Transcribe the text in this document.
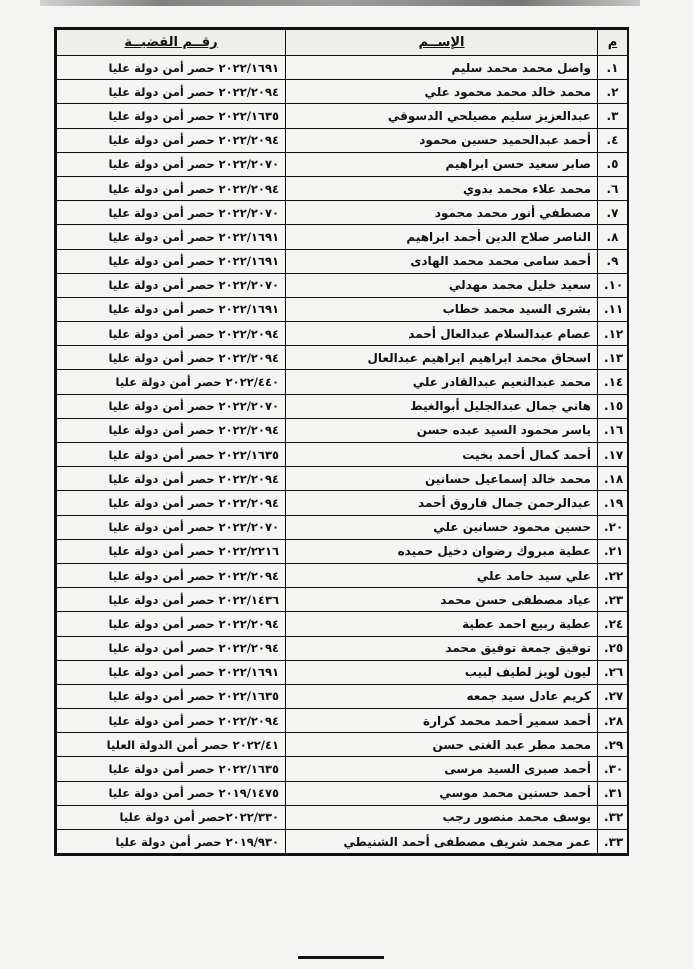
م	الإســم	رقــم القضيــة
.١	واصل محمد محمد سليم	٢٠٢٢/١٦٩١ حصر أمن دولة عليا
.٢	محمد خالد محمد محمود علي	٢٠٢٢/٢٠٩٤ حصر أمن دولة عليا
.٣	عبدالعزيز سليم مصيلحي الدسوقي	٢٠٢٢/١٦٣٥ حصر أمن دولة عليا
.٤	أحمد عبدالحميد حسين محمود	٢٠٢٢/٢٠٩٤ حصر أمن دولة عليا
.٥	صابر سعيد حسن ابراهيم	٢٠٢٢/٢٠٧٠ حصر أمن دولة عليا
.٦	محمد علاء محمد بدوي	٢٠٢٢/٢٠٩٤ حصر أمن دولة عليا
.٧	مصطفي أنور محمد محمود	٢٠٢٢/٢٠٧٠ حصر أمن دولة عليا
.٨	الناصر صلاح الدين أحمد ابراهيم	٢٠٢٢/١٦٩١ حصر أمن دولة عليا
.٩	أحمد سامى محمد محمد الهادى	٢٠٢٢/١٦٩١ حصر أمن دولة عليا
.١٠	سعيد خليل محمد مهدلي	٢٠٢٢/٢٠٧٠ حصر أمن دولة عليا
.١١	بشرى السيد محمد خطاب	٢٠٢٢/١٦٩١ حصر أمن دولة عليا
.١٢	عصام عبدالسلام عبدالعال أحمد	٢٠٢٢/٢٠٩٤ حصر أمن دولة عليا
.١٣	اسحاق محمد ابراهيم ابراهيم عبدالعال	٢٠٢٢/٢٠٩٤ حصر أمن دولة عليا
.١٤	محمد عبدالنعيم عبدالقادر علي	٢٠٢٢/٤٤٠ حصر أمن دولة عليا
.١٥	هاني جمال عبدالجليل أبوالغيط	٢٠٢٢/٢٠٧٠ حصر أمن دولة عليا
.١٦	ياسر محمود السيد عبده حسن	٢٠٢٢/٢٠٩٤ حصر أمن دولة عليا
.١٧	أحمد كمال أحمد بخيت	٢٠٢٢/١٦٣٥ حصر أمن دولة عليا
.١٨	محمد خالد إسماعيل حسانين	٢٠٢٢/٢٠٩٤ حصر أمن دولة عليا
.١٩	عبدالرحمن جمال فاروق أحمد	٢٠٢٢/٢٠٩٤ حصر أمن دولة عليا
.٢٠	حسين محمود حسانين علي	٢٠٢٢/٢٠٧٠ حصر أمن دولة عليا
.٢١	عطية مبروك رضوان دخيل حميده	٢٠٢٢/٢٢١٦ حصر أمن دولة عليا
.٢٢	علي سيد حامد علي	٢٠٢٢/٢٠٩٤ حصر أمن دولة عليا
.٢٣	عياد مصطفى حسن محمد	٢٠٢٢/١٤٣٦ حصر أمن دولة عليا
.٢٤	عطية ربيع احمد عطية	٢٠٢٢/٢٠٩٤ حصر أمن دولة عليا
.٢٥	توفيق جمعة توفيق محمد	٢٠٢٢/٢٠٩٤ حصر أمن دولة عليا
.٢٦	ليون لويز لطيف لبيب	٢٠٢٢/١٦٩١ حصر أمن دولة عليا
.٢٧	كريم عادل سيد جمعه	٢٠٢٢/١٦٣٥ حصر أمن دولة عليا
.٢٨	أحمد سمير أحمد محمد كرارة	٢٠٢٢/٢٠٩٤ حصر أمن دولة عليا
.٢٩	محمد مطر عبد الغنى حسن	٢٠٢٢/٤١ حصر أمن الدولة العليا
.٣٠	أحمد صبرى السيد مرسى	٢٠٢٢/١٦٣٥ حصر أمن دولة عليا
.٣١	أحمد حسنين محمد موسي	٢٠١٩/١٤٧٥ حصر أمن دولة عليا
.٣٢	يوسف محمد منصور رجب	٢٠٢٢/٣٣٠حصر أمن دولة عليا
.٣٣	عمر محمد شريف مصطفى أحمد الشنيطي	٢٠١٩/٩٣٠ حصر أمن دولة عليا
